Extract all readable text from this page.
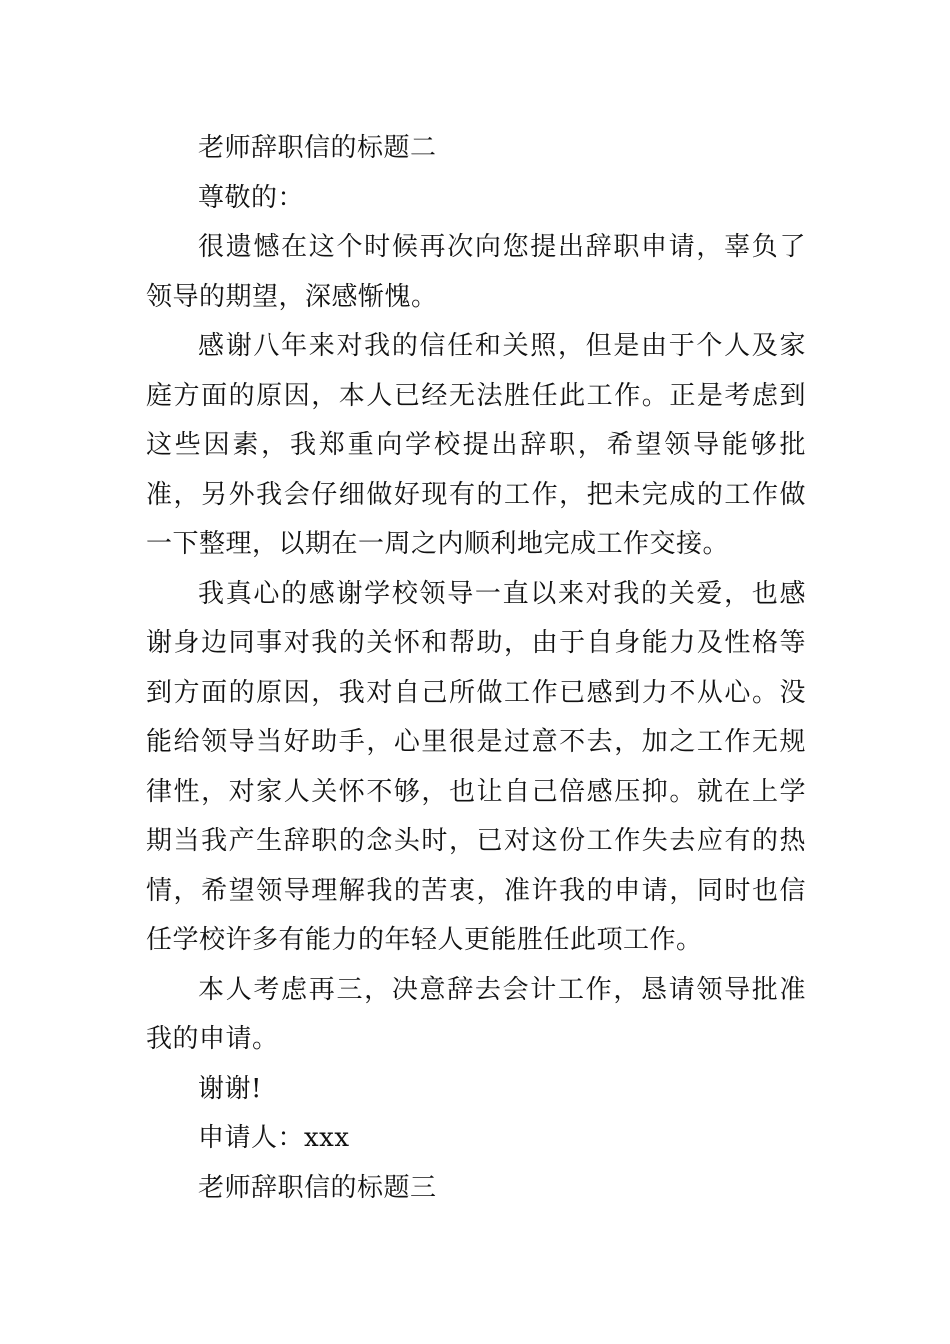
老师辞职信的标题二

尊敬的：

很遗憾在这个时候再次向您提出辞职申请，辜负了领导的期望，深感惭愧。

感谢八年来对我的信任和关照，但是由于个人及家庭方面的原因，本人已经无法胜任此工作。正是考虑到这些因素，我郑重向学校提出辞职，希望领导能够批准，另外我会仔细做好现有的工作，把未完成的工作做一下整理，以期在一周之内顺利地完成工作交接。

我真心的感谢学校领导一直以来对我的关爱，也感谢身边同事对我的关怀和帮助，由于自身能力及性格等到方面的原因，我对自己所做工作已感到力不从心。没能给领导当好助手，心里很是过意不去，加之工作无规律性，对家人关怀不够，也让自己倍感压抑。就在上学期当我产生辞职的念头时，已对这份工作失去应有的热情，希望领导理解我的苦衷，准许我的申请，同时也信任学校许多有能力的年轻人更能胜任此项工作。

本人考虑再三，决意辞去会计工作，恳请领导批准我的申请。

谢谢!

申请人：xxx

老师辞职信的标题三
